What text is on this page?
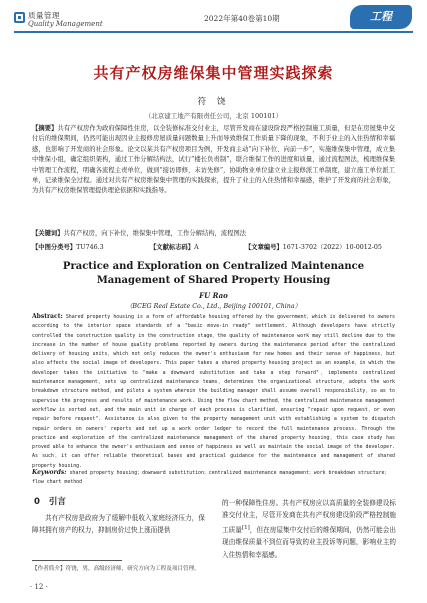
质量管理
Quality Management
2022年第40卷第10期	工程
共有产权房维保集中管理实践探索
符 饶
（北京建工地产有限责任公司，北京 100101）
【摘要】共有产权房作为政府保障性住房，以全装修标准交付业主，尽管开发商在建设阶段严格控制施工质量，但是在房屋集中交付后的维保期间，仍然可能出现因业主报修房屋质量问题数量上升而导致维保工作质量下降的现象，不利于业主的入住热情和幸福感，也影响了开发商的社会形象。论文以某共有产权房项目为例，开发商主动“向下补位、向前一步”，实施维保集中管理，成立集中维保小组，确定组织架构，通过工作分解结构法，试行“楼长负责制”，联合维保工作的进度和质量，通过流程图法，梳理维保集中管理工作流程，明确各流程主责单位，做到“接访即修，未访先修”，协助物业单位建立业主报修派工单制度，建立施工单位派工单，记录维保全过程。通过对共有产权房维保集中管理的实践探索，提升了业主的入住热情和幸福感，维护了开发商的社会形象，为共有产权房维保管理提供理论依据和实践指导。
【关键词】共有产权房，向下补位，维保集中管理，工作分解结构，流程图法
【中图分类号】TU746.3	【文献标志码】A	【文章编号】1671-3702（2022）10-0012-05
Practice and Exploration on Centralized Maintenance Management of Shared Property Housing
FU Rao
（BCEG Real Estate Co., Ltd., Beijing 100101, China）
Abstract: Shared property housing is a form of affordable housing offered by the government，which is delivered to owners according to the interior space standards of a "basic move-in ready" settlement. Although developers have strictly controlled the construction quality in the construction stage，the quality of maintenance work may still decline due to the increase in the number of house quality problems reported by owners during the maintenance period after the centralized delivery of housing units，which not only reduces the owner's enthusiasm for new homes and their sense of happiness，but also affects the social image of developers. This paper takes a shared property housing project as an example，in which the developer takes the initiative to "make a downward substitution and take a step forward"，implements centralized maintenance management，sets up centralized maintenance teams，determines the organizational structure，adopts the work breakdown structure method，and pilots a system wherein the building manager shall assume overall responsibility，so as to supervise the progress and results of maintenance work. Using the flow chart method，the centralized maintenance management workflow is sorted out，and the main unit in charge of each process is clarified，ensuring "repair upon request，or even repair before request". Assistance is also given to the property management unit with establishing a system to dispatch repair orders on owners' reports and set up a work order ledger to record the full maintenance process. Through the practice and exploration of the centralized maintenance management of the shared property housing，this case study has proved able to enhance the owner's enthusiasm and sense of happiness as well as maintain the social image of the developer. As such，it can offer reliable theoretical bases and practical guidance for the maintenance and management of shared property housing.
Keywords: shared property housing；downward substitution；centralized maintenance management；work breakdown structure；flow chart method
0 引言
共有产权房是政府为了缓解中低收入家庭经济压力，保障其拥有房产的权力，抑制房价过快上涨而提供
的一种保障性住房。共有产权房应以高质量的全装修建设标准交付业主，尽管开发商在共有产权房建设阶段严格控制施工质量[1]，但在房屋集中交付后的维保期间，仍然可能会出现由维保质量不到位而导致的业主投诉等问题，影响业主的入住热情和幸福感。
【作者简介】符饶，男，高级经济师，研究方向为工程及项目管理。
· 12 ·
